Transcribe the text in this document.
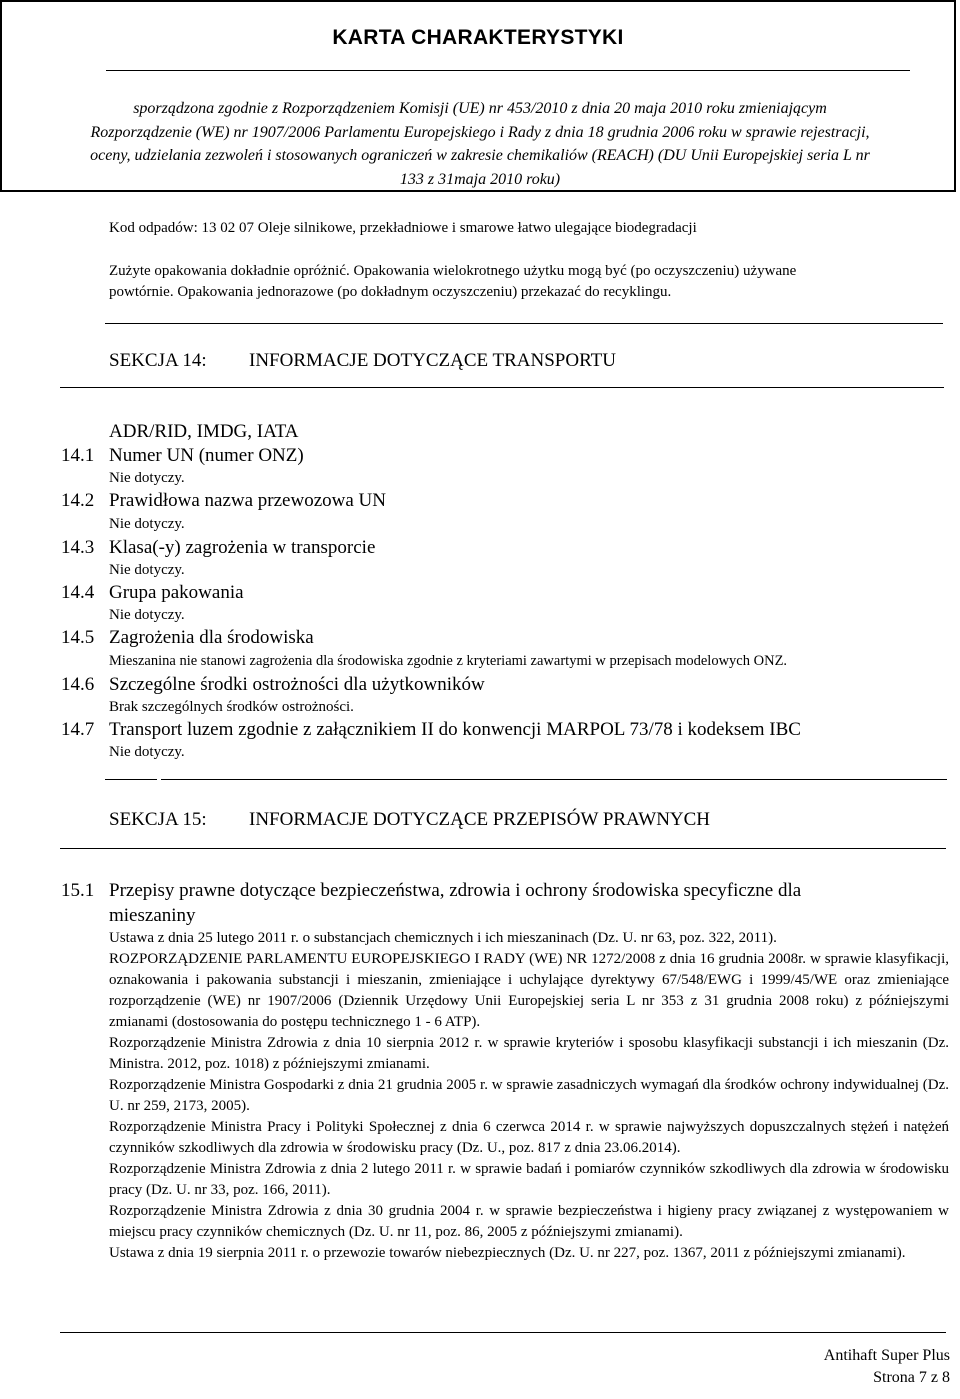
KARTA CHARAKTERYSTYKI
sporządzona zgodnie z Rozporządzeniem Komisji (UE) nr 453/2010 z dnia 20 maja 2010 roku zmieniającym
Rozporządzenie (WE) nr 1907/2006 Parlamentu Europejskiego i Rady z dnia 18 grudnia 2006 roku w sprawie rejestracji,
oceny, udzielania zezwoleń i stosowanych ograniczeń w zakresie chemikaliów (REACH) (DU Unii Europejskiej seria L nr
133 z 31maja 2010 roku)
Kod odpadów: 13 02 07 Oleje silnikowe, przekładniowe i smarowe łatwo ulegające biodegradacji
Zużyte opakowania dokładnie opróżnić. Opakowania wielokrotnego użytku mogą być (po oczyszczeniu) używane
powtórnie. Opakowania jednorazowe (po dokładnym oczyszczeniu) przekazać do recyklingu.
SEKCJA 14: INFORMACJE DOTYCZĄCE TRANSPORTU
ADR/RID, IMDG, IATA
14.1 Numer UN (numer ONZ)
Nie dotyczy.
14.2 Prawidłowa nazwa przewozowa UN
Nie dotyczy.
14.3 Klasa(-y) zagrożenia w transporcie
Nie dotyczy.
14.4 Grupa pakowania
Nie dotyczy.
14.5 Zagrożenia dla środowiska
Mieszanina nie stanowi zagrożenia dla środowiska zgodnie z kryteriami zawartymi w przepisach modelowych ONZ.
14.6 Szczególne środki ostrożności dla użytkowników
Brak szczególnych środków ostrożności.
14.7 Transport luzem zgodnie z załącznikiem II do konwencji MARPOL 73/78 i kodeksem IBC
Nie dotyczy.
SEKCJA 15: INFORMACJE DOTYCZĄCE PRZEPISÓW PRAWNYCH
15.1 Przepisy prawne dotyczące bezpieczeństwa, zdrowia i ochrony środowiska specyficzne dla
mieszaniny
Ustawa z dnia 25 lutego 2011 r. o substancjach chemicznych i ich mieszaninach (Dz. U. nr 63, poz. 322, 2011).
ROZPORZĄDZENIE PARLAMENTU EUROPEJSKIEGO I RADY (WE) NR 1272/2008 z dnia 16 grudnia 2008r. w sprawie klasyfikacji, oznakowania i pakowania substancji i mieszanin, zmieniające i uchylające dyrektywy 67/548/EWG i 1999/45/WE oraz zmieniające rozporządzenie (WE) nr 1907/2006 (Dziennik Urzędowy Unii Europejskiej seria L nr 353 z 31 grudnia 2008 roku) z późniejszymi zmianami (dostosowania do postępu technicznego 1 - 6 ATP).
Rozporządzenie Ministra Zdrowia z dnia 10 sierpnia 2012 r. w sprawie kryteriów i sposobu klasyfikacji substancji i ich mieszanin (Dz. Ministra. 2012, poz. 1018) z późniejszymi zmianami.
Rozporządzenie Ministra Gospodarki z dnia 21 grudnia 2005 r. w sprawie zasadniczych wymagań dla środków ochrony indywidualnej (Dz. U. nr 259, 2173, 2005).
Rozporządzenie Ministra Pracy i Polityki Społecznej z dnia 6 czerwca 2014 r. w sprawie najwyższych dopuszczalnych stężeń i natężeń czynników szkodliwych dla zdrowia w środowisku pracy (Dz. U., poz. 817 z dnia 23.06.2014).
Rozporządzenie Ministra Zdrowia z dnia 2 lutego 2011 r. w sprawie badań i pomiarów czynników szkodliwych dla zdrowia w środowisku pracy (Dz. U. nr 33, poz. 166, 2011).
Rozporządzenie Ministra Zdrowia z dnia 30 grudnia 2004 r. w sprawie bezpieczeństwa i higieny pracy związanej z występowaniem w miejscu pracy czynników chemicznych (Dz. U. nr 11, poz. 86, 2005 z późniejszymi zmianami).
Ustawa z dnia 19 sierpnia 2011 r. o przewozie towarów niebezpiecznych (Dz. U. nr 227, poz. 1367, 2011 z późniejszymi zmianami).
Antihaft Super Plus
Strona 7 z 8
